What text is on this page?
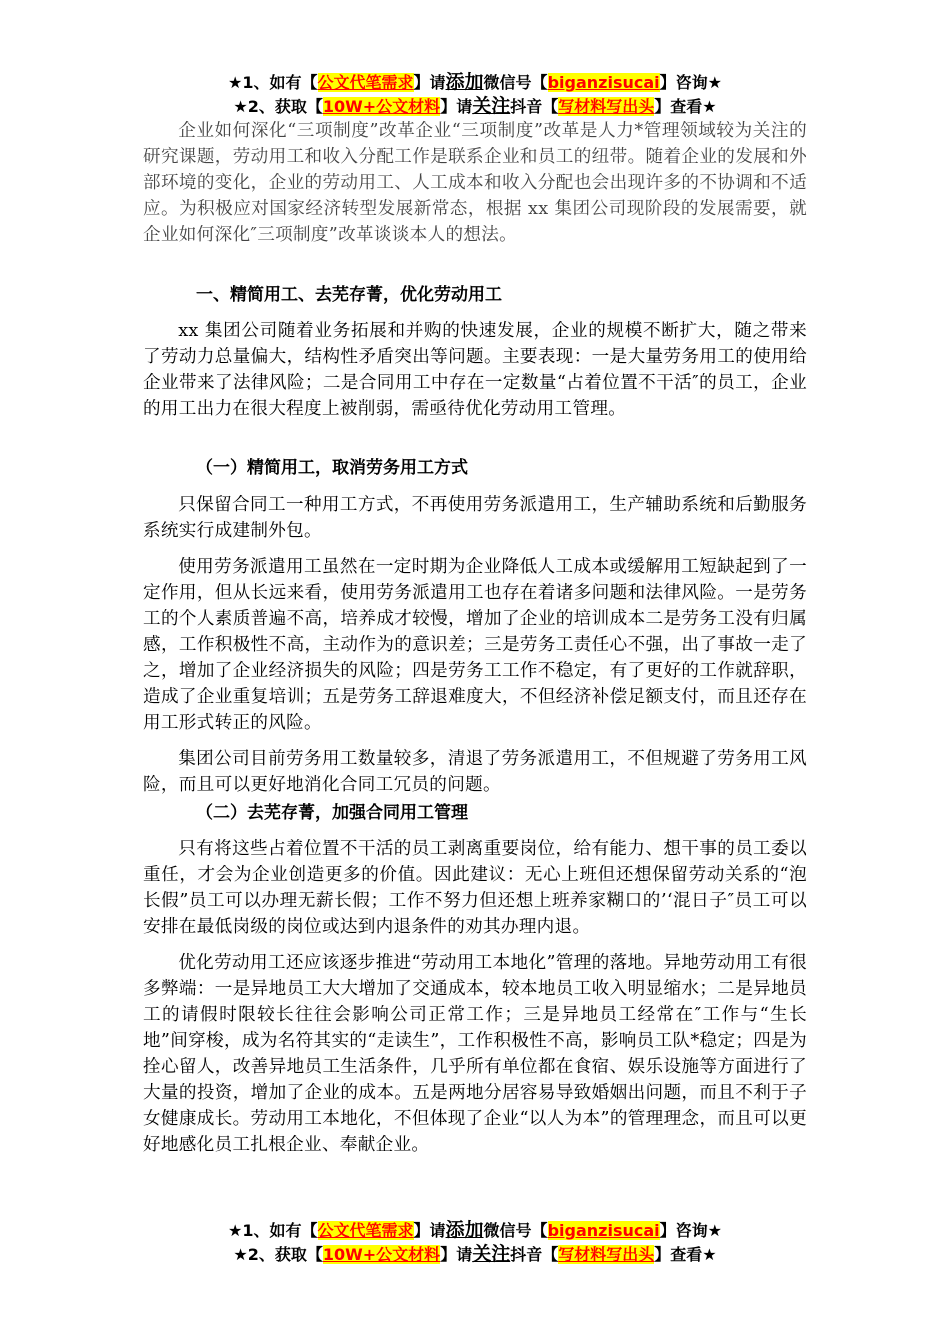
★1、如有【公文代笔需求】请添加微信号【biganzisucai】咨询★
★2、获取【10W+公文材料】请关注抖音【写材料写出头】查看★

企业如何深化“三项制度”改革企业“三项制度”改革是人力*管理领域较为关注的研究课题，劳动用工和收入分配工作是联系企业和员工的纽带。随着企业的发展和外部环境的变化，企业的劳动用工、人工成本和收入分配也会出现许多的不协调和不适应。为积极应对国家经济转型发展新常态，根据 xx 集团公司现阶段的发展需要，就企业如何深化″三项制度”改革谈谈本人的想法。

一、精简用工、去芜存菁，优化劳动用工

xx 集团公司随着业务拓展和并购的快速发展，企业的规模不断扩大，随之带来了劳动力总量偏大，结构性矛盾突出等问题。主要表现：一是大量劳务用工的使用给企业带来了法律风险；二是合同用工中存在一定数量“占着位置不干活″的员工，企业的用工出力在很大程度上被削弱，需亟待优化劳动用工管理。

（一）精简用工，取消劳务用工方式

只保留合同工一种用工方式，不再使用劳务派遣用工，生产辅助系统和后勤服务系统实行成建制外包。

使用劳务派遣用工虽然在一定时期为企业降低人工成本或缓解用工短缺起到了一定作用，但从长远来看，使用劳务派遣用工也存在着诸多问题和法律风险。一是劳务工的个人素质普遍不高，培养成才较慢，增加了企业的培训成本二是劳务工没有归属感，工作积极性不高，主动作为的意识差；三是劳务工责任心不强，出了事故一走了之，增加了企业经济损失的风险；四是劳务工工作不稳定，有了更好的工作就辞职，造成了企业重复培训；五是劳务工辞退难度大，不但经济补偿足额支付，而且还存在用工形式转正的风险。

集团公司目前劳务用工数量较多，清退了劳务派遣用工，不但规避了劳务用工风险，而且可以更好地消化合同工冗员的问题。

（二）去芜存菁，加强合同用工管理

只有将这些占着位置不干活的员工剥离重要岗位，给有能力、想干事的员工委以重任，才会为企业创造更多的价值。因此建议：无心上班但还想保留劳动关系的“泡长假”员工可以办理无薪长假；工作不努力但还想上班养家糊口的’‘混日子″员工可以安排在最低岗级的岗位或达到内退条件的劝其办理内退。

优化劳动用工还应该逐步推进“劳动用工本地化”管理的落地。异地劳动用工有很多弊端：一是异地员工大大增加了交通成本，较本地员工收入明显缩水；二是异地员工的请假时限较长往往会影响公司正常工作；三是异地员工经常在″工作与“生长地”间穿梭，成为名符其实的“走读生”，工作积极性不高，影响员工队*稳定；四是为拴心留人，改善异地员工生活条件，几乎所有单位都在食宿、娱乐设施等方面进行了大量的投资，增加了企业的成本。五是两地分居容易导致婚姻出问题，而且不利于子女健康成长。劳动用工本地化，不但体现了企业“以人为本”的管理理念，而且可以更好地感化员工扎根企业、奉献企业。

★1、如有【公文代笔需求】请添加微信号【biganzisucai】咨询★
★2、获取【10W+公文材料】请关注抖音【写材料写出头】查看★
